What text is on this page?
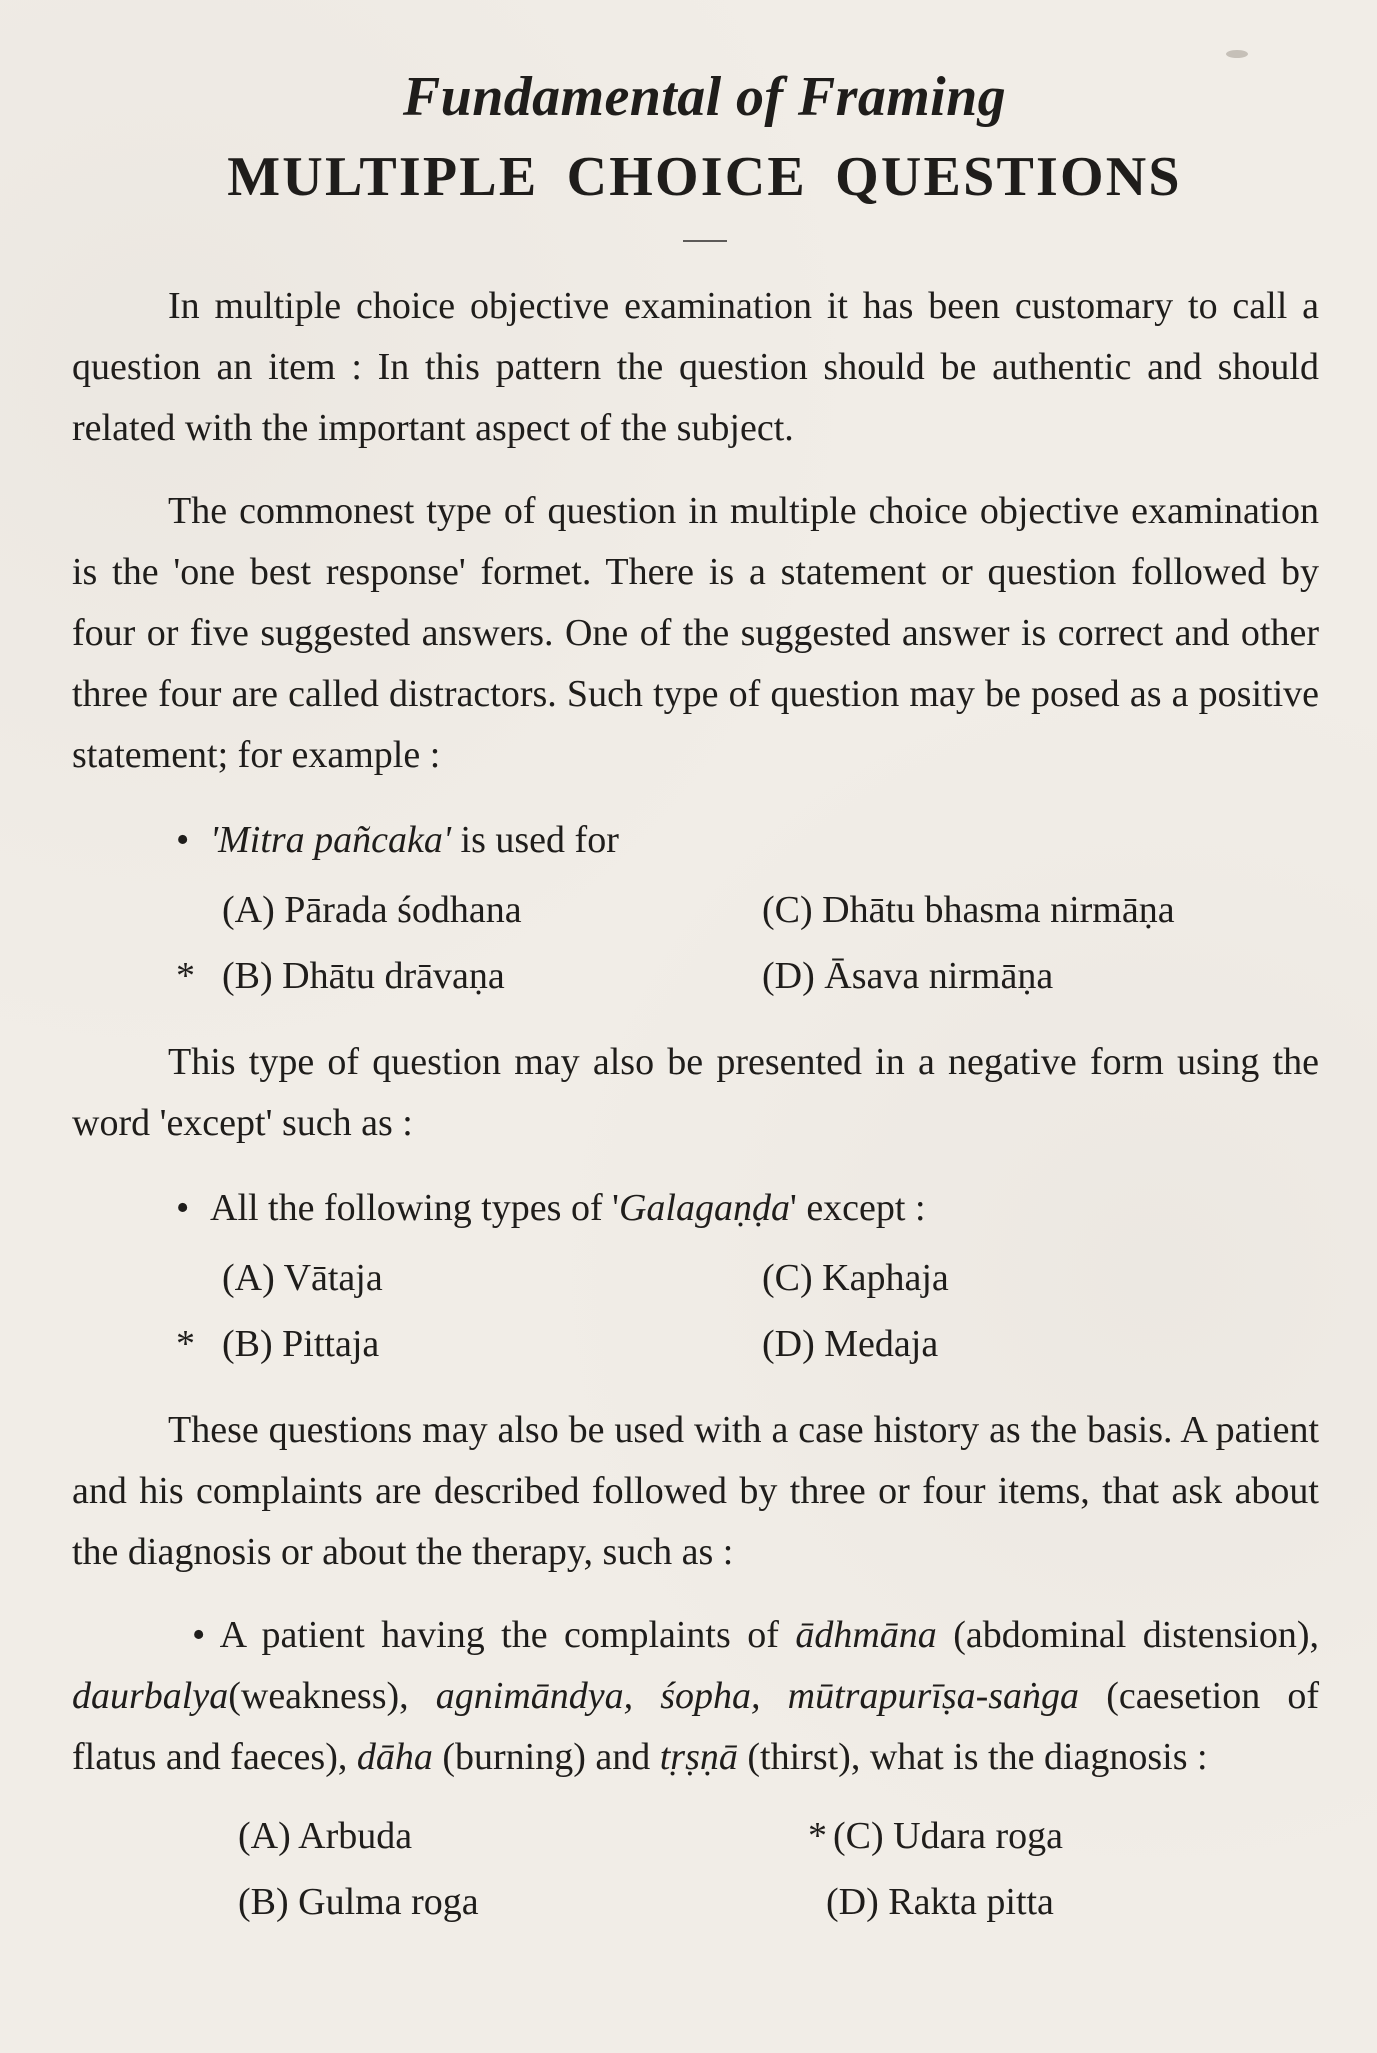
Fundamental of Framing
MULTIPLE CHOICE QUESTIONS

In multiple choice objective examination it has been customary to call a question an item : In this pattern the question should be authentic and should related with the important aspect of the subject.

The commonest type of question in multiple choice objective examination is the 'one best response' formet. There is a statement or question followed by four or five suggested answers. One of the suggested answer is correct and other three four are called distractors. Such type of question may be posed as a positive statement; for example :

• 'Mitra pañcaka' is used for

(A) Pārada śodhana	(C) Dhātu bhasma nirmāṇa
* (B) Dhātu drāvaṇa	(D) Āsava nirmāṇa

This type of question may also be presented in a negative form using the word 'except' such as :

• All the following types of 'Galagaṇḍa' except :

(A) Vātaja	(C) Kaphaja
* (B) Pittaja	(D) Medaja

These questions may also be used with a case history as the basis. A patient and his complaints are described followed by three or four items, that ask about the diagnosis or about the therapy, such as :

• A patient having the complaints of ādhmāna (abdominal distension), daurbalya(weakness), agnimāndya, śopha, mūtrapurīṣa-saṅga (caesetion of flatus and faeces), dāha (burning) and tṛṣṇā (thirst), what is the diagnosis :

(A) Arbuda	* (C) Udara roga
(B) Gulma roga	(D) Rakta pitta
